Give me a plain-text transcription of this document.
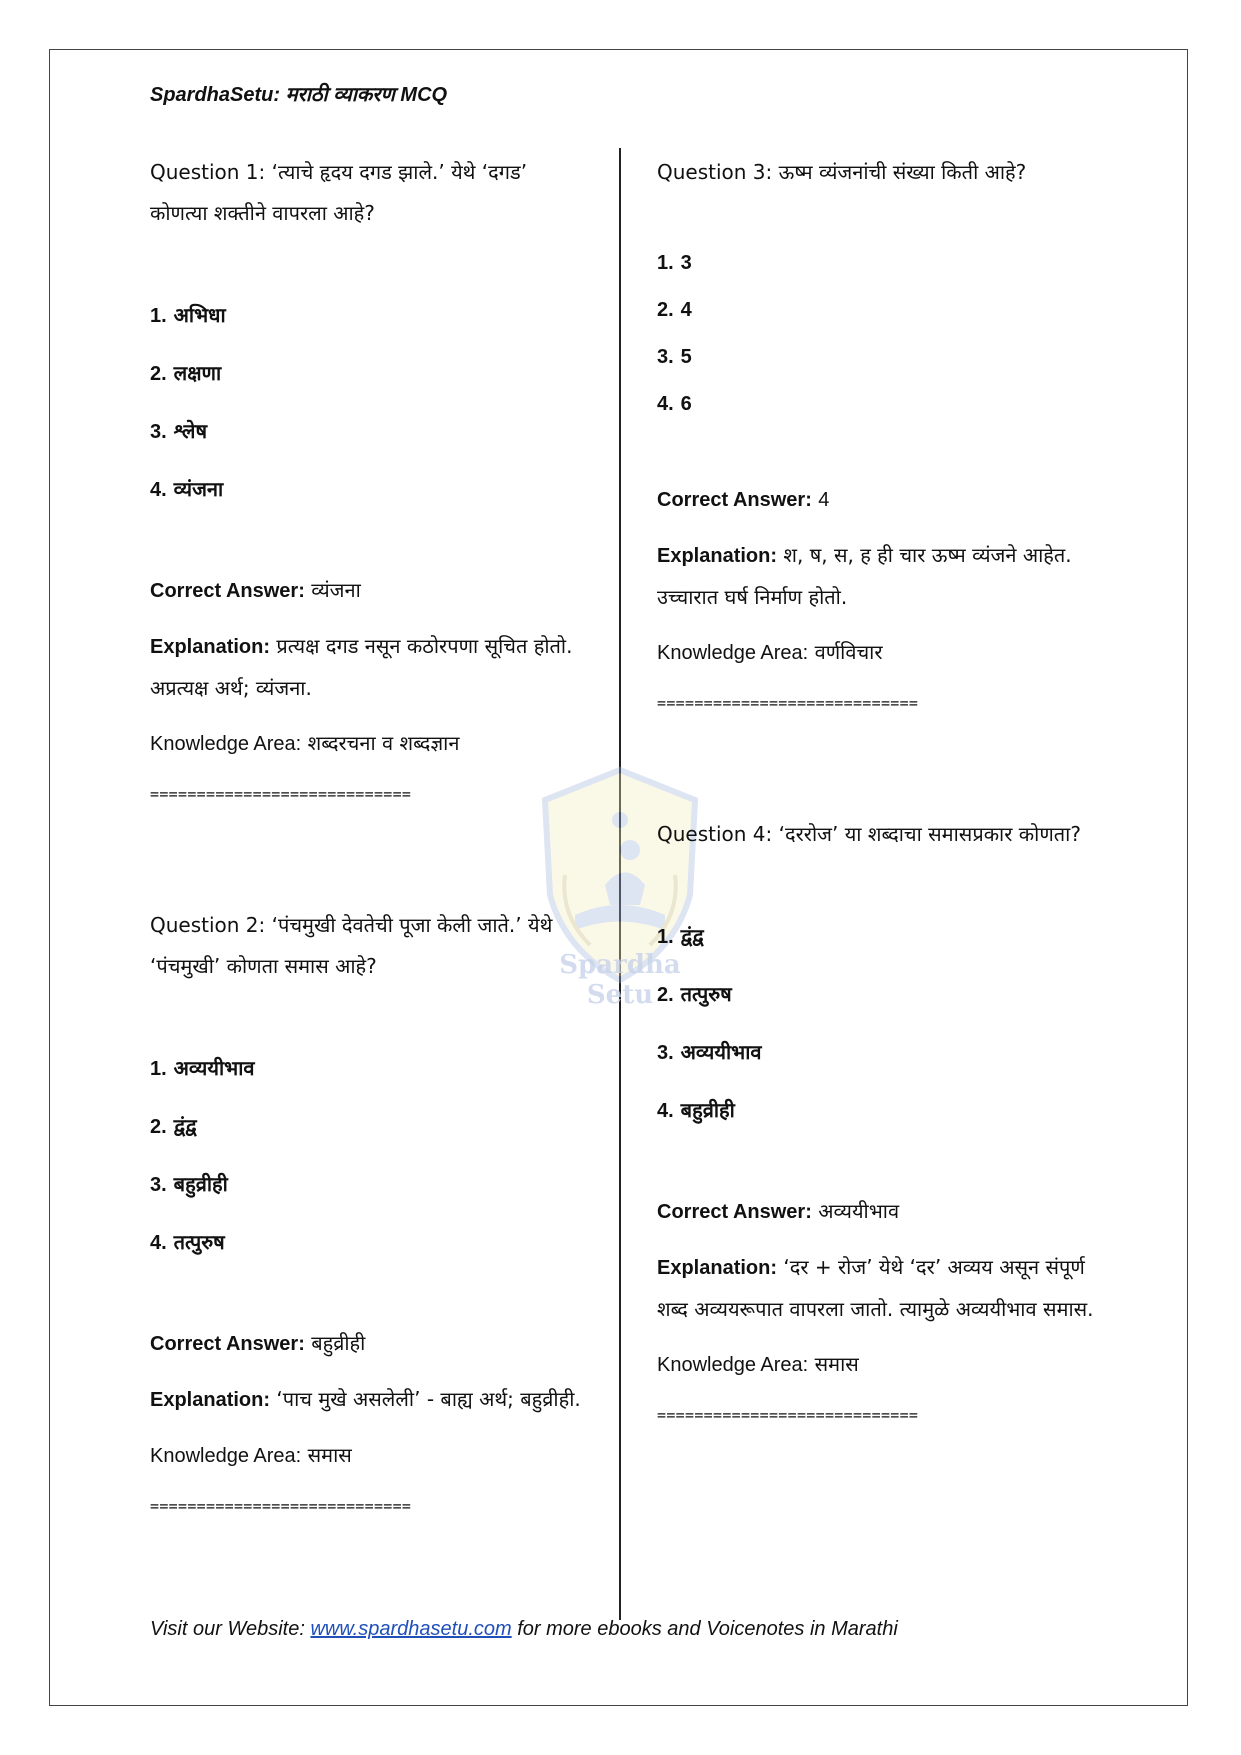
SpardhaSetu: मराठी व्याकरण MCQ
Spardha Setu

Question 1: ‘त्याचे हृदय दगड झाले.’ येथे ‘दगड’ कोणत्या शक्तीने वापरला आहे?

1. अभिधा
2. लक्षणा
3. श्लेष
4. व्यंजना
Correct Answer: व्यंजना
Explanation: प्रत्यक्ष दगड नसून कठोरपणा सूचित होतो. अप्रत्यक्ष अर्थ; व्यंजना.
Knowledge Area: शब्दरचना व शब्दज्ञान
============================

Question 2: ‘पंचमुखी देवतेची पूजा केली जाते.’ येथे ‘पंचमुखी’ कोणता समास आहे?

1. अव्ययीभाव
2. द्वंद्व
3. बहुव्रीही
4. तत्पुरुष
Correct Answer: बहुव्रीही
Explanation: ‘पाच मुखे असलेली’ - बाह्य अर्थ; बहुव्रीही.
Knowledge Area: समास
============================

Question 3: ऊष्म व्यंजनांची संख्या किती आहे?

1. 3
2. 4
3. 5
4. 6
Correct Answer: 4
Explanation: श, ष, स, ह ही चार ऊष्म व्यंजने आहेत. उच्चारात घर्ष निर्माण होतो.
Knowledge Area: वर्णविचार
============================

Question 4: ‘दररोज’ या शब्दाचा समासप्रकार कोणता?

1. द्वंद्व
2. तत्पुरुष
3. अव्ययीभाव
4. बहुव्रीही
Correct Answer: अव्ययीभाव
Explanation: ‘दर + रोज’ येथे ‘दर’ अव्यय असून संपूर्ण शब्द अव्ययरूपात वापरला जातो. त्यामुळे अव्ययीभाव समास.
Knowledge Area: समास
============================
Visit our Website: www.spardhasetu.com for more ebooks and Voicenotes in Marathi
